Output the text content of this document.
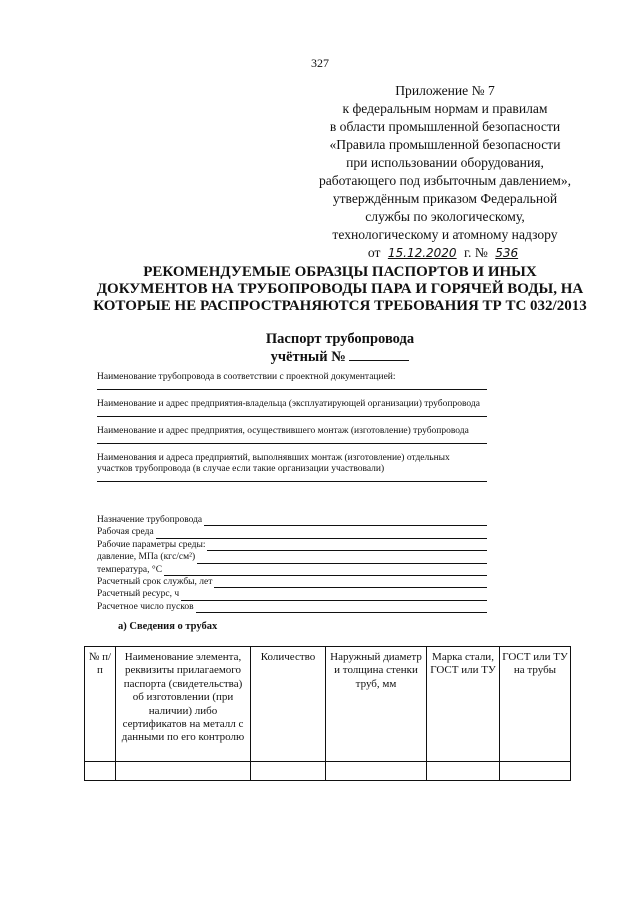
327
Приложение № 7
к федеральным нормам и правилам
в области промышленной безопасности
«Правила промышленной безопасности
при использовании оборудования,
работающего под избыточным давлением»,
утверждённым приказом Федеральной
службы по экологическому,
технологическому и атомному надзору
от 15.12.2020 г. № 536
РЕКОМЕНДУЕМЫЕ ОБРАЗЦЫ ПАСПОРТОВ И ИНЫХ
ДОКУМЕНТОВ НА ТРУБОПРОВОДЫ ПАРА И ГОРЯЧЕЙ ВОДЫ, НА
КОТОРЫЕ НЕ РАСПРОСТРАНЯЮТСЯ ТРЕБОВАНИЯ ТР ТС 032/2013
Паспорт трубопровода
учётный №
Наименование трубопровода в соответствии с проектной документацией:
Наименование и адрес предприятия-владельца (эксплуатирующей организации) трубопровода
Наименование и адрес предприятия, осуществившего монтаж (изготовление) трубопровода
Наименования и адреса предприятий, выполнявших монтаж (изготовление) отдельных участков трубопровода (в случае если такие организации участвовали)
Назначение трубопровода
Рабочая среда
Рабочие параметры среды:
давление, МПа (кгс/см²)
температура, °С
Расчетный срок службы, лет
Расчетный ресурс, ч
Расчетное число пусков
а) Сведения о трубах
№ п/п	Наименование элемента, реквизиты прилагаемого паспорта (свидетельства) об изготовлении (при наличии) либо сертификатов на металл с данными по его контролю	Количество	Наружный диаметр и толщина стенки труб, мм	Марка стали, ГОСТ или ТУ	ГОСТ или ТУ на трубы
